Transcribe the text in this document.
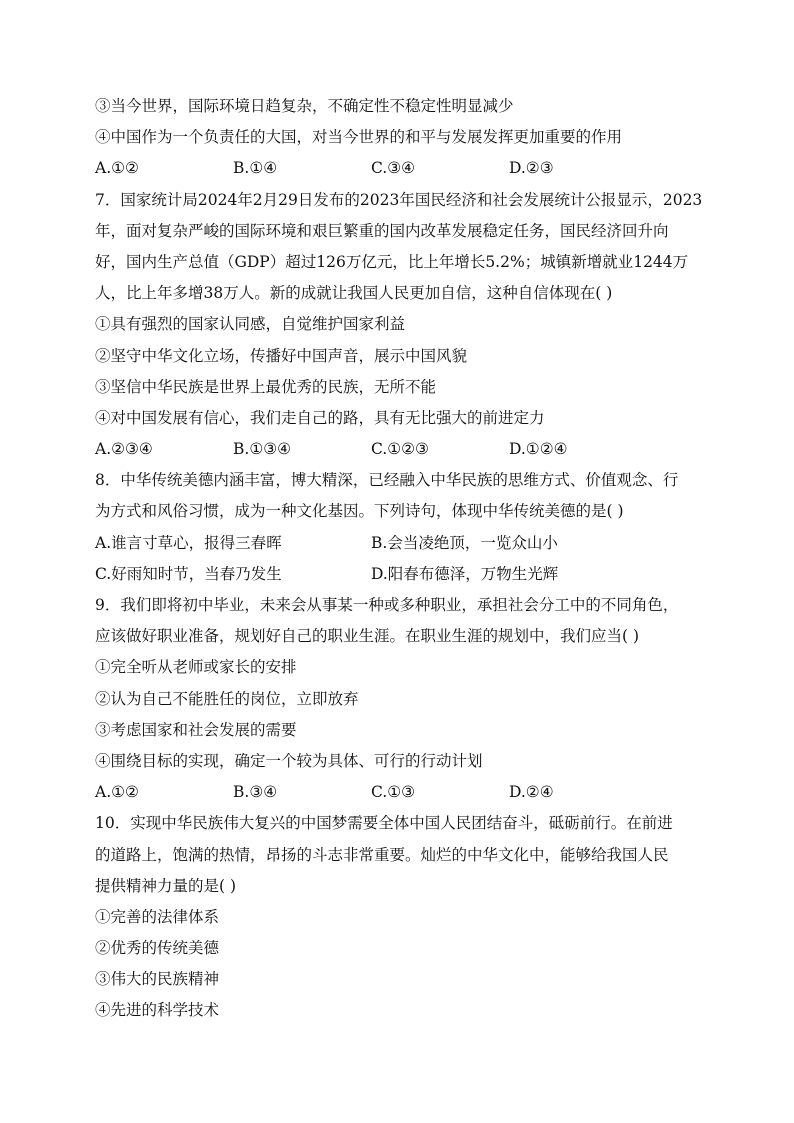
③当今世界，国际环境日趋复杂，不确定性不稳定性明显减少
④中国作为一个负责任的大国，对当今世界的和平与发展发挥更加重要的作用
A.①②	B.①④	C.③④	D.②③
7．国家统计局2024年2月29日发布的2023年国民经济和社会发展统计公报显示，2023
年，面对复杂严峻的国际环境和艰巨繁重的国内改革发展稳定任务，国民经济回升向
好，国内生产总值（GDP）超过126万亿元，比上年增长5.2%；城镇新增就业1244万
人，比上年多增38万人。新的成就让我国人民更加自信，这种自信体现在( )
①具有强烈的国家认同感，自觉维护国家利益
②坚守中华文化立场，传播好中国声音，展示中国风貌
③坚信中华民族是世界上最优秀的民族，无所不能
④对中国发展有信心，我们走自己的路，具有无比强大的前进定力
A.②③④	B.①③④	C.①②③	D.①②④
8．中华传统美德内涵丰富，博大精深，已经融入中华民族的思维方式、价值观念、行
为方式和风俗习惯，成为一种文化基因。下列诗句，体现中华传统美德的是( )
A.谁言寸草心，报得三春晖	B.会当凌绝顶，一览众山小
C.好雨知时节，当春乃发生	D.阳春布德泽，万物生光辉
9．我们即将初中毕业，未来会从事某一种或多种职业，承担社会分工中的不同角色，
应该做好职业准备，规划好自己的职业生涯。在职业生涯的规划中，我们应当( )
①完全听从老师或家长的安排
②认为自己不能胜任的岗位，立即放弃
③考虑国家和社会发展的需要
④围绕目标的实现，确定一个较为具体、可行的行动计划
A.①②	B.③④	C.①③	D.②④
10．实现中华民族伟大复兴的中国梦需要全体中国人民团结奋斗，砥砺前行。在前进
的道路上，饱满的热情，昂扬的斗志非常重要。灿烂的中华文化中，能够给我国人民
提供精神力量的是( )
①完善的法律体系
②优秀的传统美德
③伟大的民族精神
④先进的科学技术
